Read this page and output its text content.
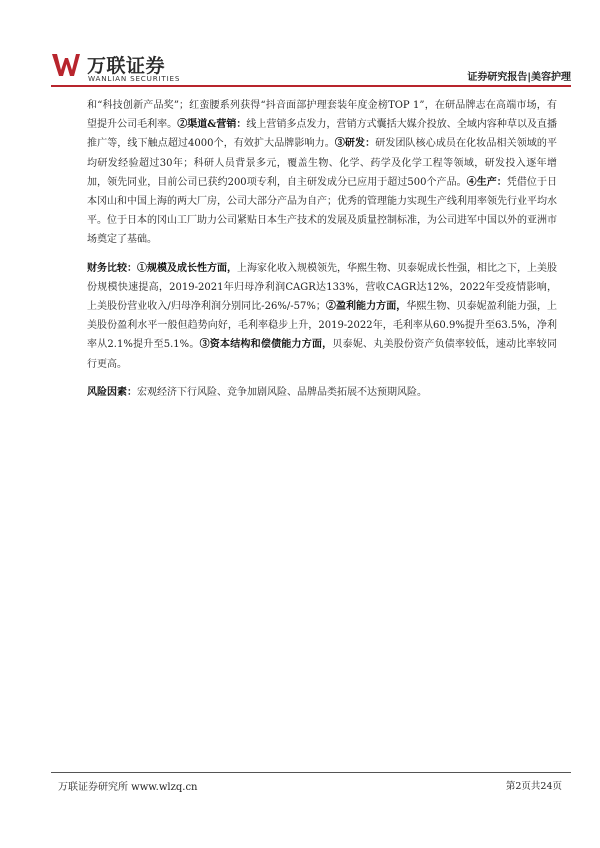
万联证券
WANLIAN SECURITIES	证券研究报告|美容护理

和“科技创新产品奖”；红蛮腰系列获得“抖音面部护理套装年度金榜TOP 1”，在研品牌志在高端市场，有望提升公司毛利率。②渠道&营销：线上营销多点发力，营销方式囊括大媒介投放、全域内容种草以及直播推广等，线下触点超过4000个，有效扩大品牌影响力。③研发：研发团队核心成员在化妆品相关领域的平均研发经验超过30年；科研人员背景多元，覆盖生物、化学、药学及化学工程等领域，研发投入逐年增加，领先同业，目前公司已获约200项专利，自主研发成分已应用于超过500个产品。④生产：凭借位于日本冈山和中国上海的两大厂房，公司大部分产品为自产；优秀的管理能力实现生产线利用率领先行业平均水平。位于日本的冈山工厂助力公司紧贴日本生产技术的发展及质量控制标准，为公司进军中国以外的亚洲市场奠定了基础。

财务比较：①规模及成长性方面，上海家化收入规模领先，华熙生物、贝泰妮成长性强，相比之下，上美股份规模快速提高，2019-2021年归母净利润CAGR达133%，营收CAGR达12%，2022年受疫情影响，上美股份营业收入/归母净利润分别同比-26%/-57%；②盈利能力方面，华熙生物、贝泰妮盈利能力强，上美股份盈利水平一般但趋势向好，毛利率稳步上升，2019-2022年，毛利率从60.9%提升至63.5%，净利率从2.1%提升至5.1%。③资本结构和偿债能力方面，贝泰妮、丸美股份资产负债率较低，速动比率较同行更高。

风险因素：宏观经济下行风险、竞争加剧风险、品牌品类拓展不达预期风险。

万联证券研究所 www.wlzq.cn	第2页共24页
